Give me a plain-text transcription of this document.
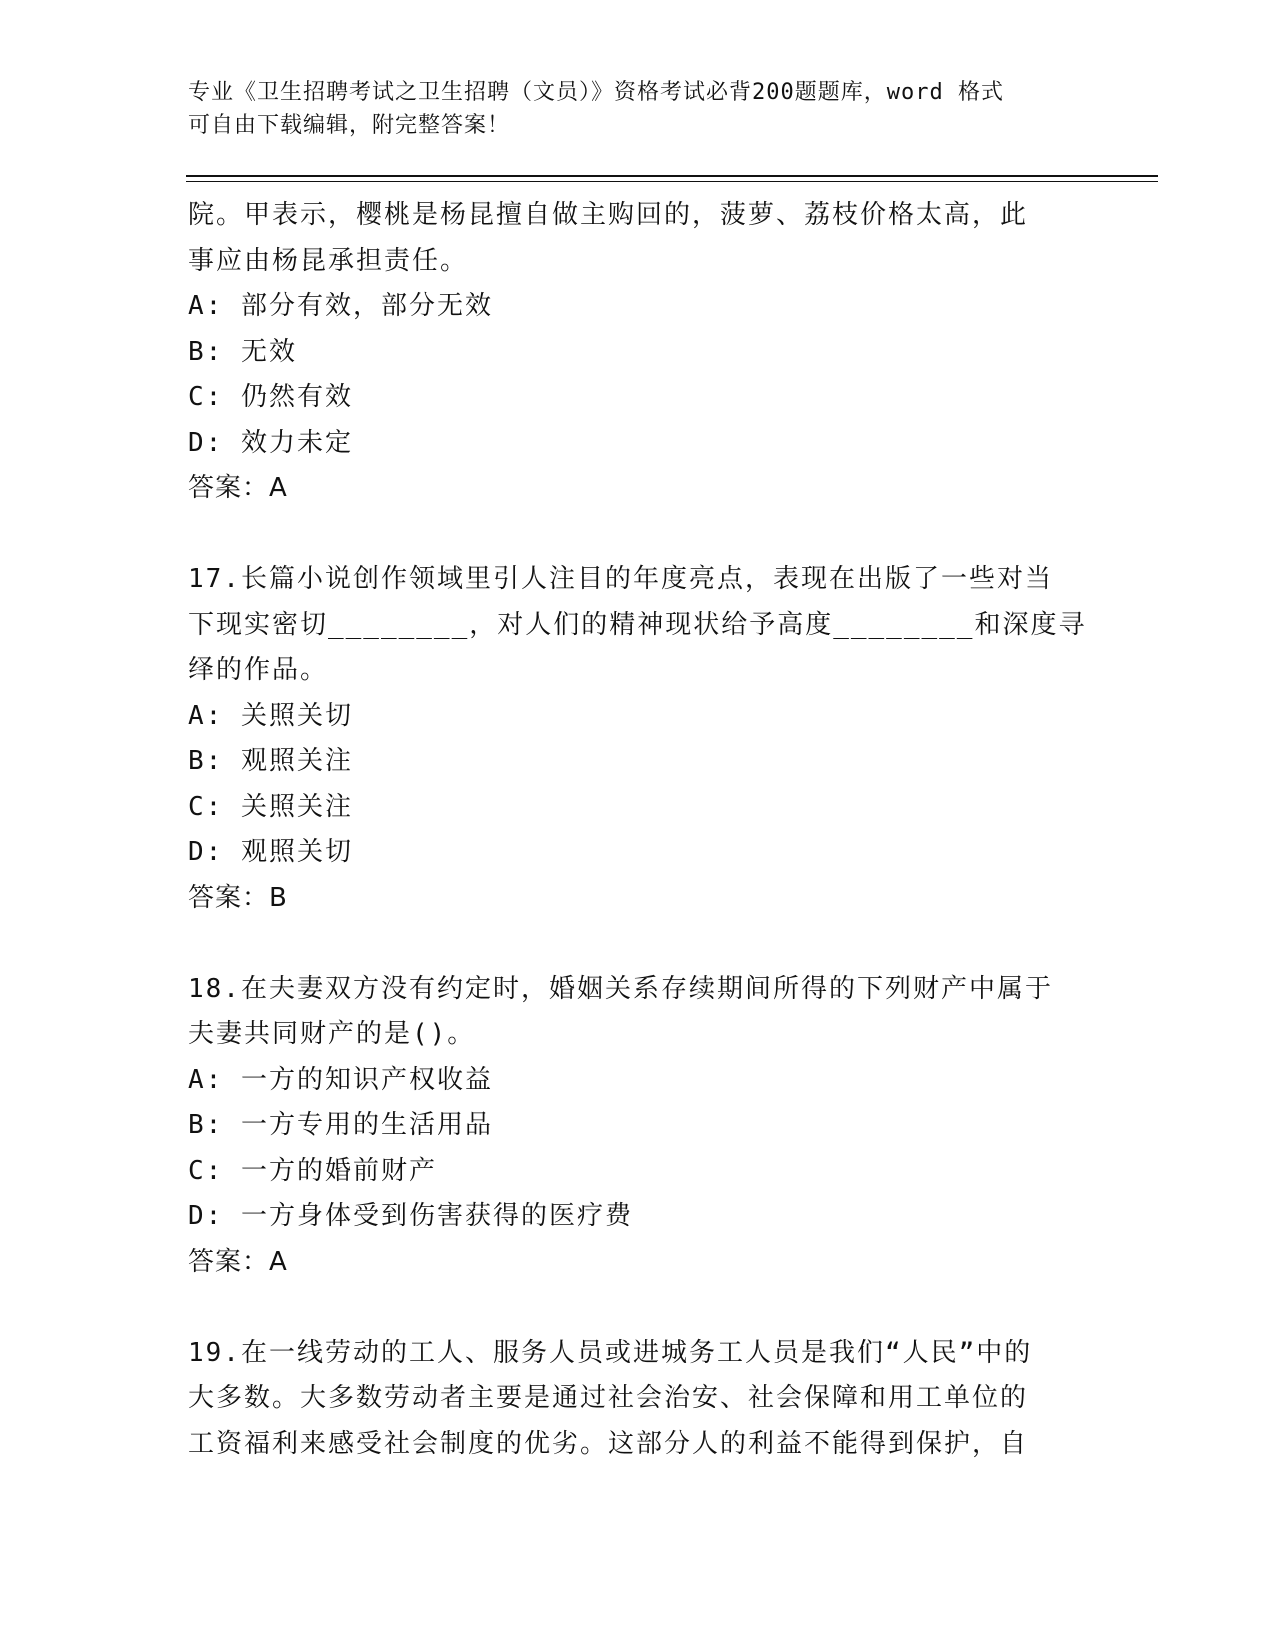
专业《卫生招聘考试之卫生招聘（文员）》资格考试必背200题题库，word 格式
可自由下载编辑，附完整答案！
院。甲表示，樱桃是杨昆擅自做主购回的，菠萝、荔枝价格太高，此
事应由杨昆承担责任。
A: 部分有效，部分无效
B: 无效
C: 仍然有效
D: 效力未定
答案：A
17.长篇小说创作领域里引人注目的年度亮点，表现在出版了一些对当
下现实密切________，对人们的精神现状给予高度________和深度寻
绎的作品。
A: 关照关切
B: 观照关注
C: 关照关注
D: 观照关切
答案：B
18.在夫妻双方没有约定时，婚姻关系存续期间所得的下列财产中属于
夫妻共同财产的是()。
A: 一方的知识产权收益
B: 一方专用的生活用品
C: 一方的婚前财产
D: 一方身体受到伤害获得的医疗费
答案：A
19.在一线劳动的工人、服务人员或进城务工人员是我们“人民”中的
大多数。大多数劳动者主要是通过社会治安、社会保障和用工单位的
工资福利来感受社会制度的优劣。这部分人的利益不能得到保护，自
